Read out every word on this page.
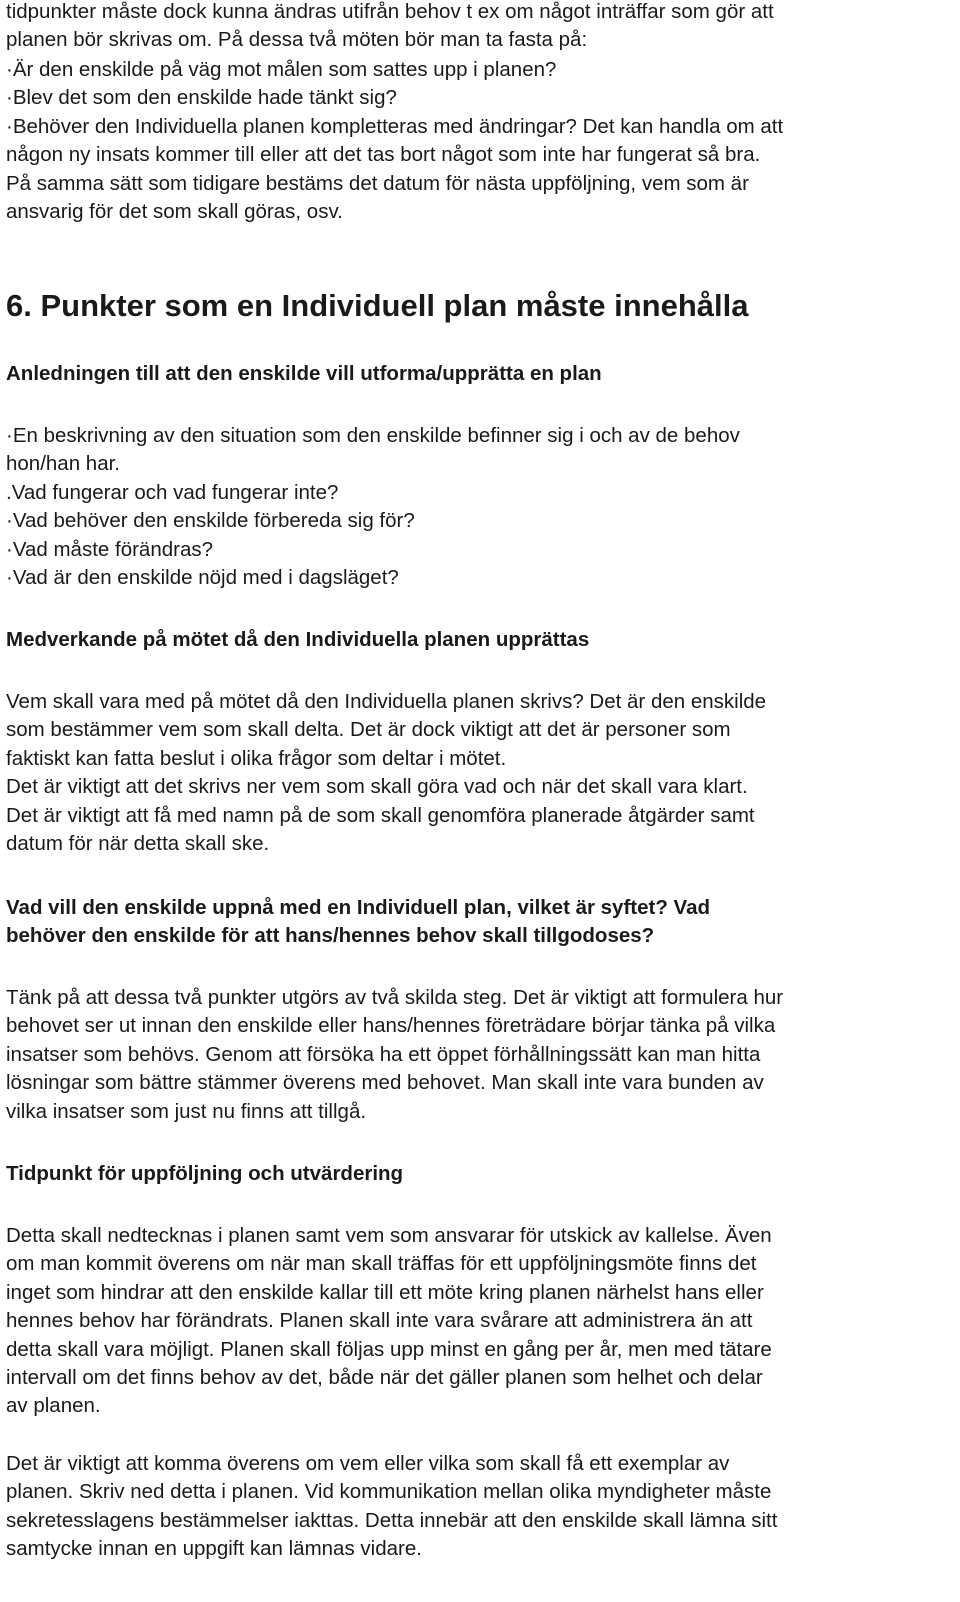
tidpunkter måste dock kunna ändras utifrån behov t ex om något inträffar som gör att
planen bör skrivas om. På dessa två möten bör man ta fasta på:
·Är den enskilde på väg mot målen som sattes upp i planen?
·Blev det som den enskilde hade tänkt sig?
·Behöver den Individuella planen kompletteras med ändringar? Det kan handla om att
någon ny insats kommer till eller att det tas bort något som inte har fungerat så bra.
På samma sätt som tidigare bestäms det datum för nästa uppföljning, vem som är
ansvarig för det som skall göras, osv.
6. Punkter som en Individuell plan måste innehålla
Anledningen till att den enskilde vill utforma/upprätta en plan
·En beskrivning av den situation som den enskilde befinner sig i och av de behov
hon/han har.
.Vad fungerar och vad fungerar inte?
·Vad behöver den enskilde förbereda sig för?
·Vad måste förändras?
·Vad är den enskilde nöjd med i dagsläget?
Medverkande på mötet då den Individuella planen upprättas
Vem skall vara med på mötet då den Individuella planen skrivs? Det är den enskilde
som bestämmer vem som skall delta. Det är dock viktigt att det är personer som
faktiskt kan fatta beslut i olika frågor som deltar i mötet.
Det är viktigt att det skrivs ner vem som skall göra vad och när det skall vara klart.
Det är viktigt att få med namn på de som skall genomföra planerade åtgärder samt
datum för när detta skall ske.
Vad vill den enskilde uppnå med en Individuell plan, vilket är syftet? Vad
behöver den enskilde för att hans/hennes behov skall tillgodoses?
Tänk på att dessa två punkter utgörs av två skilda steg. Det är viktigt att formulera hur
behovet ser ut innan den enskilde eller hans/hennes företrädare börjar tänka på vilka
insatser som behövs. Genom att försöka ha ett öppet förhållningssätt kan man hitta
lösningar som bättre stämmer överens med behovet. Man skall inte vara bunden av
vilka insatser som just nu finns att tillgå.
Tidpunkt för uppföljning och utvärdering
Detta skall nedtecknas i planen samt vem som ansvarar för utskick av kallelse. Även
om man kommit överens om när man skall träffas för ett uppföljningsmöte finns det
inget som hindrar att den enskilde kallar till ett möte kring planen närhelst hans eller
hennes behov har förändrats. Planen skall inte vara svårare att administrera än att
detta skall vara möjligt. Planen skall följas upp minst en gång per år, men med tätare
intervall om det finns behov av det, både när det gäller planen som helhet och delar
av planen.
Det är viktigt att komma överens om vem eller vilka som skall få ett exemplar av
planen. Skriv ned detta i planen. Vid kommunikation mellan olika myndigheter måste
sekretesslagens bestämmelser iakttas. Detta innebär att den enskilde skall lämna sitt
samtycke innan en uppgift kan lämnas vidare.
